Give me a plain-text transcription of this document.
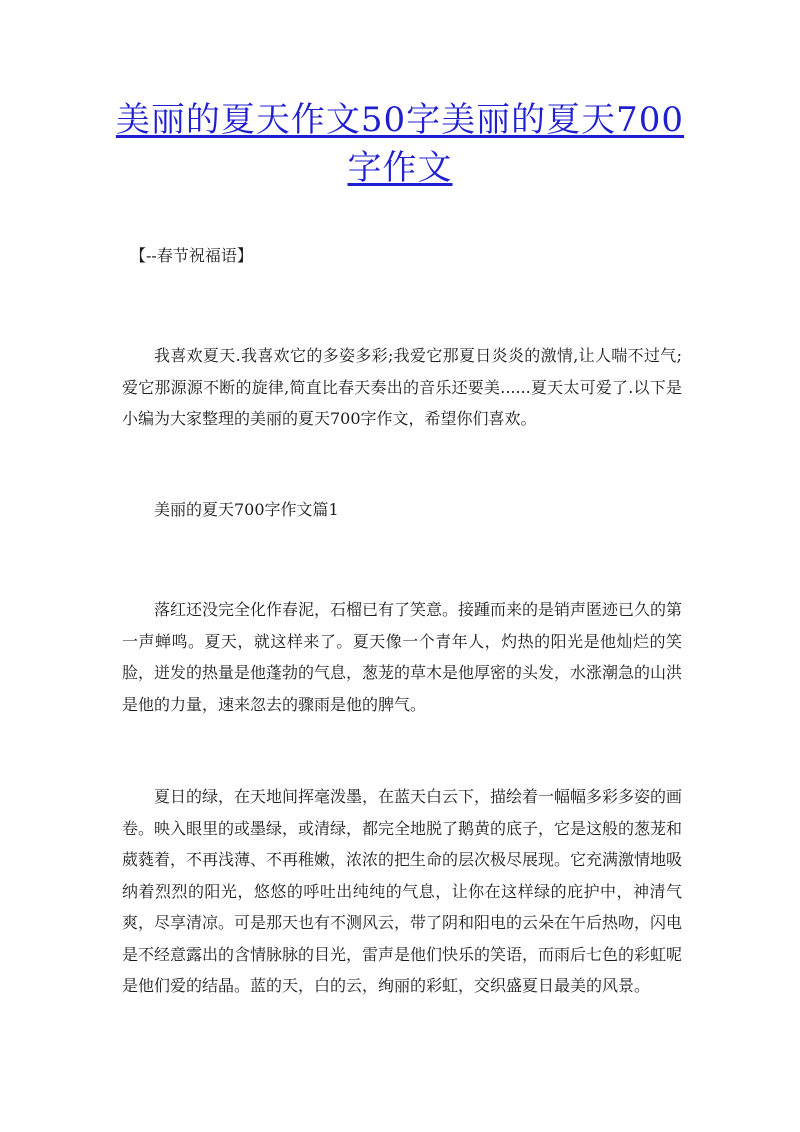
美丽的夏天作文50字美丽的夏天700字作文
【--春节祝福语】
我喜欢夏天.我喜欢它的多姿多彩;我爱它那夏日炎炎的激情,让人喘不过气;爱它那源源不断的旋律,简直比春天奏出的音乐还要美......夏天太可爱了.以下是小编为大家整理的美丽的夏天700字作文，希望你们喜欢。
美丽的夏天700字作文篇1
落红还没完全化作春泥，石榴已有了笑意。接踵而来的是销声匿迹已久的第一声蝉鸣。夏天，就这样来了。夏天像一个青年人，灼热的阳光是他灿烂的笑脸，迸发的热量是他蓬勃的气息，葱茏的草木是他厚密的头发，水涨潮急的山洪是他的力量，速来忽去的骤雨是他的脾气。
夏日的绿，在天地间挥毫泼墨，在蓝天白云下，描绘着一幅幅多彩多姿的画卷。映入眼里的或墨绿，或清绿，都完全地脱了鹅黄的底子，它是这般的葱茏和葳蕤着，不再浅薄、不再稚嫩，浓浓的把生命的层次极尽展现。它充满激情地吸纳着烈烈的阳光，悠悠的呼吐出纯纯的气息，让你在这样绿的庇护中，神清气爽，尽享清凉。可是那天也有不测风云，带了阴和阳电的云朵在午后热吻，闪电是不经意露出的含情脉脉的目光，雷声是他们快乐的笑语，而雨后七色的彩虹呢是他们爱的结晶。蓝的天，白的云，绚丽的彩虹，交织盛夏日最美的风景。
